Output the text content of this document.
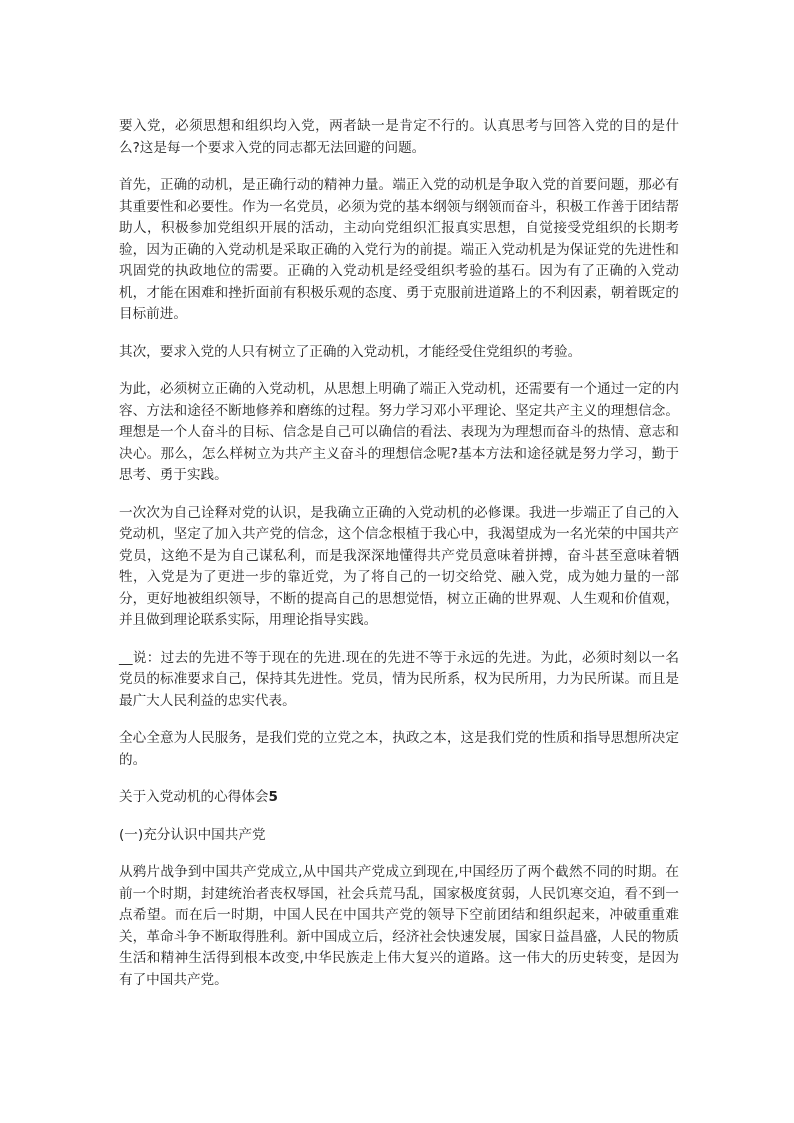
要入党，必须思想和组织均入党，两者缺一是肯定不行的。认真思考与回答入党的目的是什么?这是每一个要求入党的同志都无法回避的问题。

首先，正确的动机，是正确行动的精神力量。端正入党的动机是争取入党的首要问题，那必有其重要性和必要性。作为一名党员，必须为党的基本纲领与纲领而奋斗，积极工作善于团结帮助人，积极参加党组织开展的活动，主动向党组织汇报真实思想，自觉接受党组织的长期考验，因为正确的入党动机是采取正确的入党行为的前提。端正入党动机是为保证党的先进性和巩固党的执政地位的需要。正确的入党动机是经受组织考验的基石。因为有了正确的入党动机，才能在困难和挫折面前有积极乐观的态度、勇于克服前进道路上的不利因素，朝着既定的目标前进。

其次，要求入党的人只有树立了正确的入党动机，才能经受住党组织的考验。

为此，必须树立正确的入党动机，从思想上明确了端正入党动机，还需要有一个通过一定的内容、方法和途径不断地修养和磨练的过程。努力学习邓小平理论、坚定共产主义的理想信念。理想是一个人奋斗的目标、信念是自己可以确信的看法、表现为为理想而奋斗的热情、意志和决心。那么，怎么样树立为共产主义奋斗的理想信念呢?基本方法和途径就是努力学习，勤于思考、勇于实践。

一次次为自己诠释对党的认识，是我确立正确的入党动机的必修课。我进一步端正了自己的入党动机，坚定了加入共产党的信念，这个信念根植于我心中，我渴望成为一名光荣的中国共产党员，这绝不是为自己谋私利，而是我深深地懂得共产党员意味着拼搏，奋斗甚至意味着牺牲，入党是为了更进一步的靠近党，为了将自己的一切交给党、融入党，成为她力量的一部分，更好地被组织领导，不断的提高自己的思想觉悟，树立正确的世界观、人生观和价值观，并且做到理论联系实际，用理论指导实践。

__说：过去的先进不等于现在的先进.现在的先进不等于永远的先进。为此，必须时刻以一名党员的标准要求自己，保持其先进性。党员，情为民所系，权为民所用，力为民所谋。而且是最广大人民利益的忠实代表。

全心全意为人民服务，是我们党的立党之本，执政之本，这是我们党的性质和指导思想所决定的。

关于入党动机的心得体会5

(一)充分认识中国共产党

从鸦片战争到中国共产党成立,从中国共产党成立到现在,中国经历了两个截然不同的时期。在前一个时期，封建统治者丧权辱国，社会兵荒马乱，国家极度贫弱，人民饥寒交迫，看不到一点希望。而在后一时期，中国人民在中国共产党的领导下空前团结和组织起来，冲破重重难关，革命斗争不断取得胜利。新中国成立后，经济社会快速发展，国家日益昌盛，人民的物质生活和精神生活得到根本改变,中华民族走上伟大复兴的道路。这一伟大的历史转变，是因为有了中国共产党。
